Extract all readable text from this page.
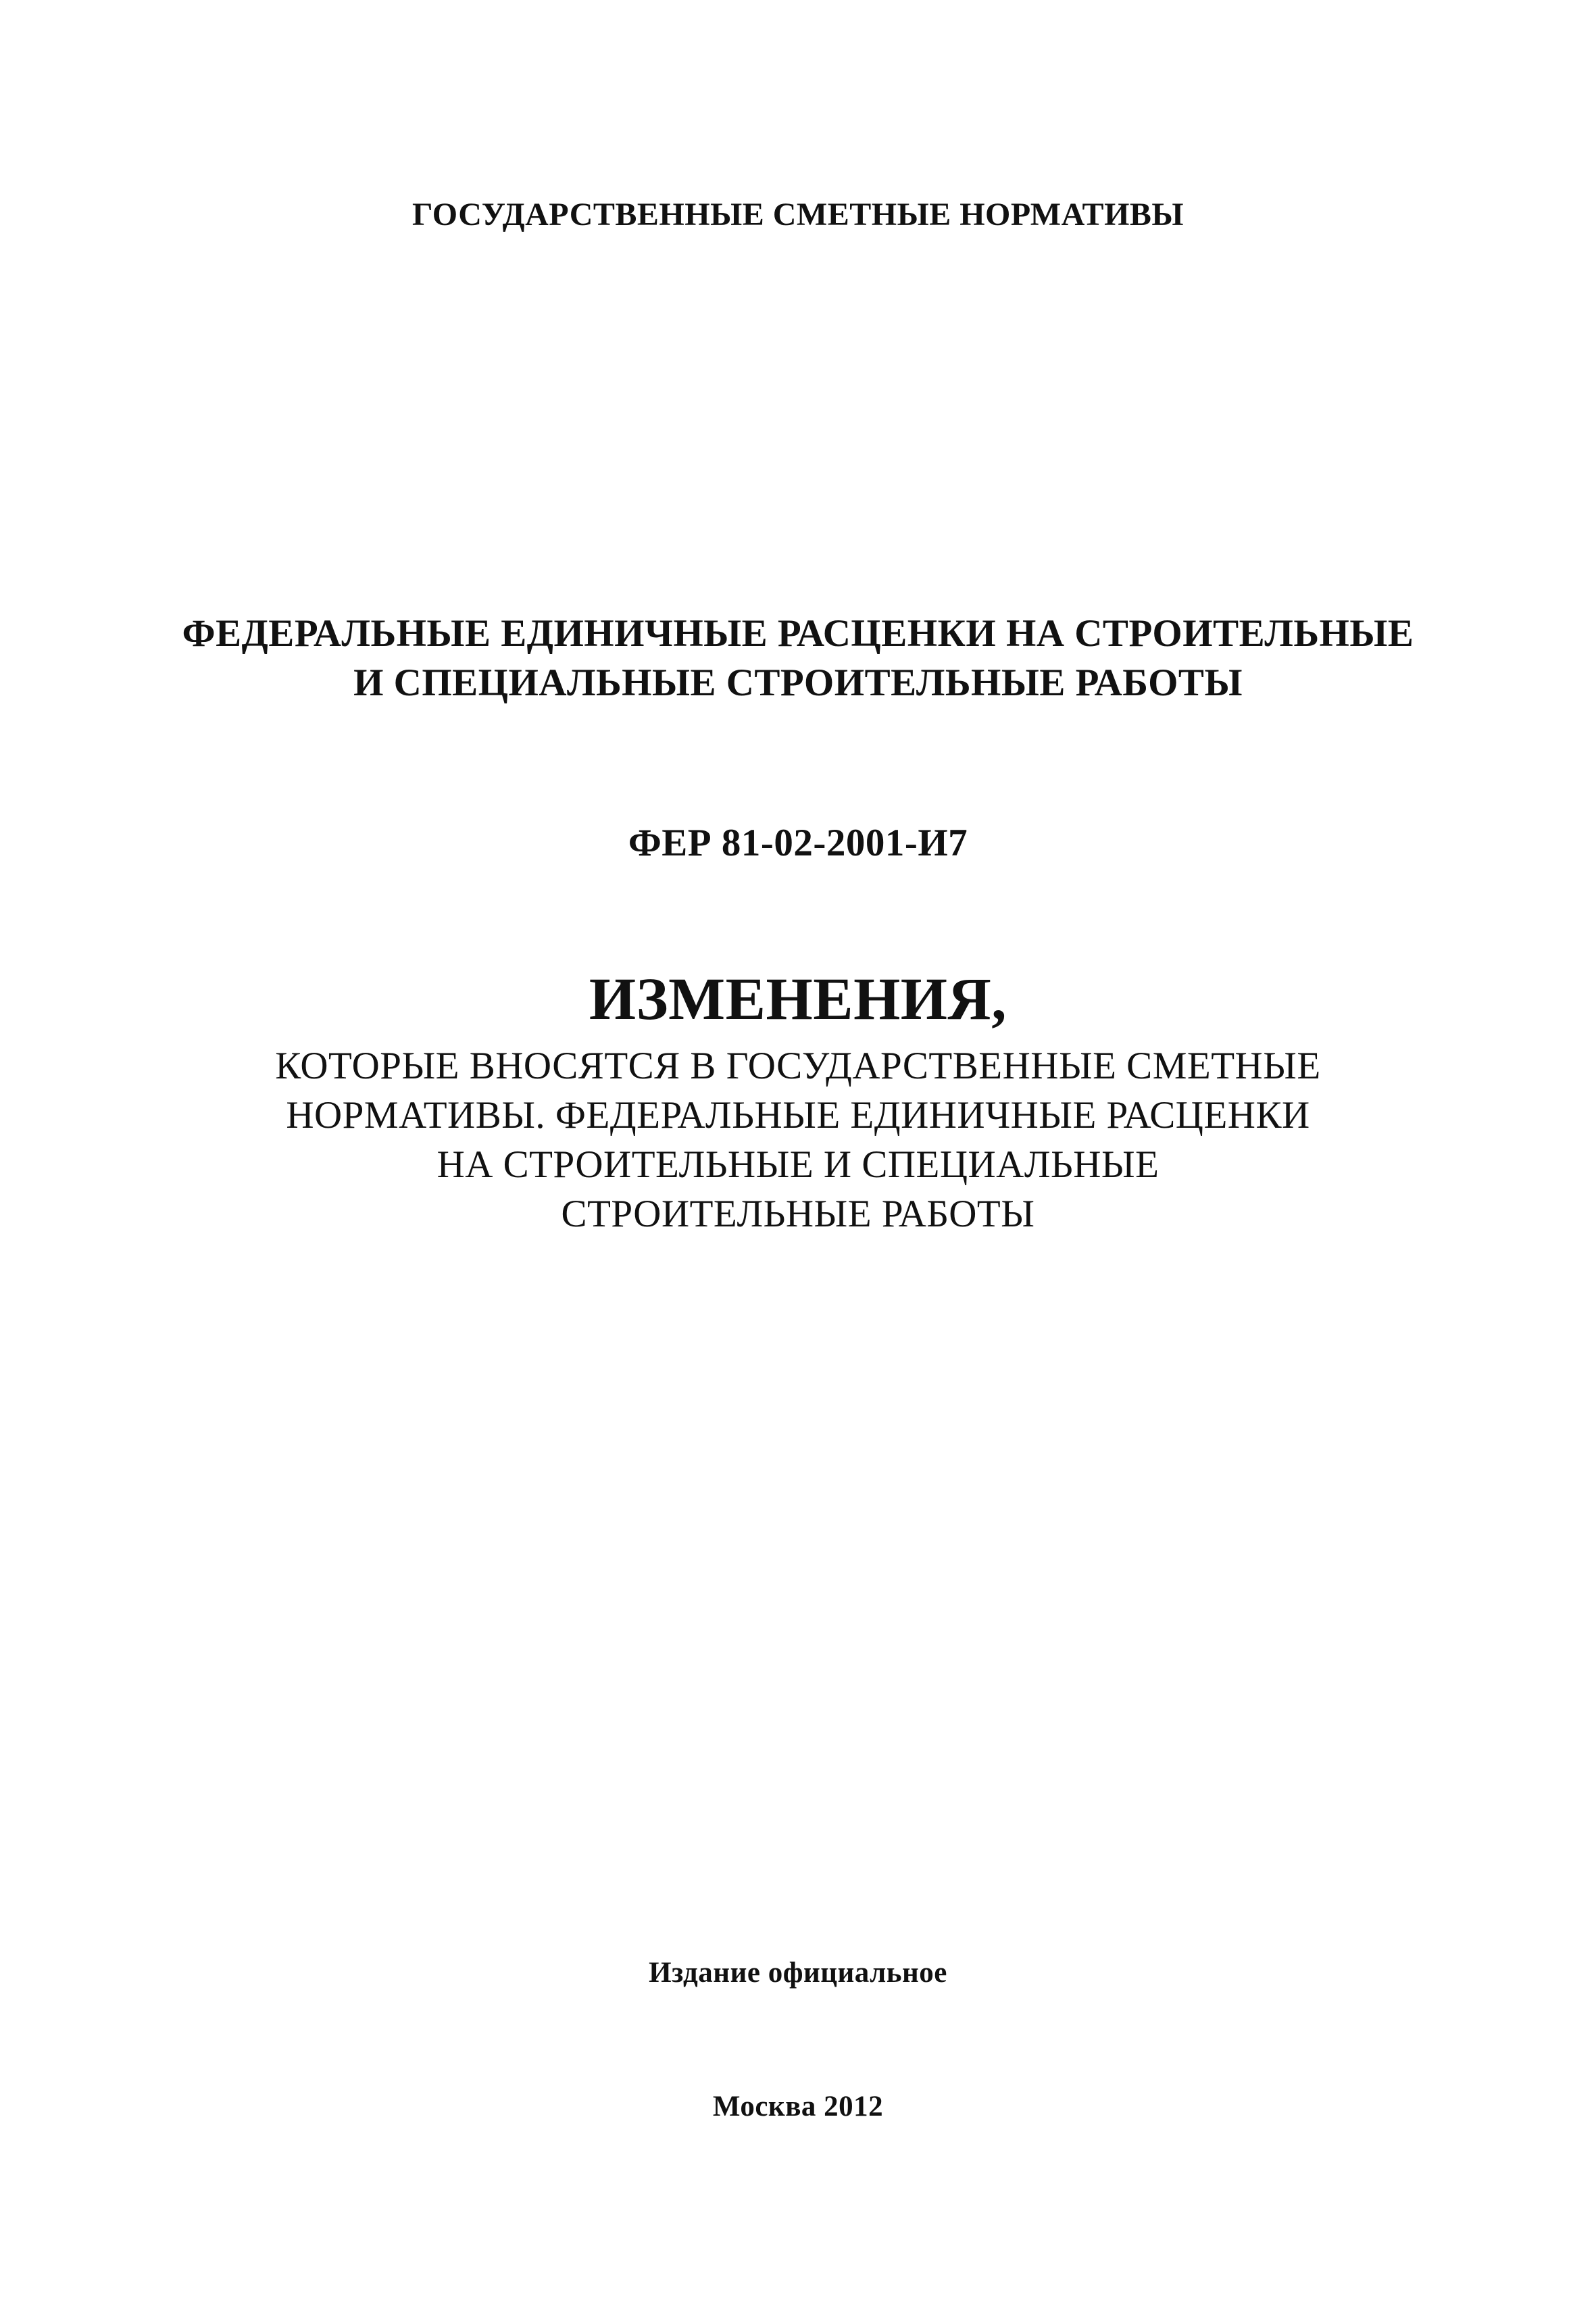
ГОСУДАРСТВЕННЫЕ СМЕТНЫЕ НОРМАТИВЫ

ФЕДЕРАЛЬНЫЕ ЕДИНИЧНЫЕ РАСЦЕНКИ НА СТРОИТЕЛЬНЫЕ

И СПЕЦИАЛЬНЫЕ СТРОИТЕЛЬНЫЕ РАБОТЫ

ФЕР 81-02-2001-И7

ИЗМЕНЕНИЯ,

КОТОРЫЕ ВНОСЯТСЯ В ГОСУДАРСТВЕННЫЕ СМЕТНЫЕ

НОРМАТИВЫ. ФЕДЕРАЛЬНЫЕ ЕДИНИЧНЫЕ РАСЦЕНКИ

НА СТРОИТЕЛЬНЫЕ И СПЕЦИАЛЬНЫЕ

СТРОИТЕЛЬНЫЕ РАБОТЫ

Издание официальное

Москва 2012
